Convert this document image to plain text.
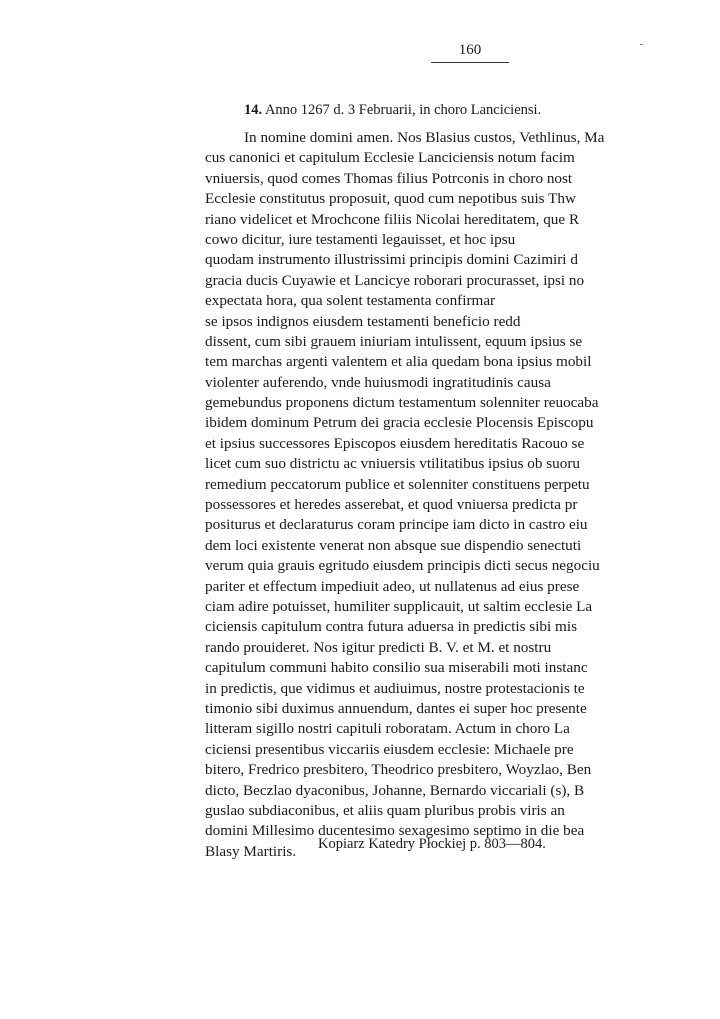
160
14. Anno 1267 d. 3 Februarii, in choro Lanciciensi.
In nomine domini amen. Nos Blasius custos, Vethlinus, Ma
cus canonici et capitulum Ecclesie Lanciciensis notum facim
vniuersis, quod comes Thomas filius Potrconis in choro nost
Ecclesie constitutus proposuit, quod cum nepotibus suis Thw
riano videlicet et Mrochcone filiis Nicolai hereditatem, que R
cowo dicitur, iure testamenti legauisset, et hoc ipsu
quodam instrumento illustrissimi principis domini Cazimiri d
gracia ducis Cuyawie et Lancicye roborari procurasset, ipsi no
expectata hora, qua solent testamenta confirmar
se ipsos indignos eiusdem testamenti beneficio redd
dissent, cum sibi grauem iniuriam intulissent, equum ipsius se
tem marchas argenti valentem et alia quedam bona ipsius mobil
violenter auferendo, vnde huiusmodi ingratitudinis causa
gemebundus proponens dictum testamentum solenniter reuocaba
ibidem dominum Petrum dei gracia ecclesie Plocensis Episcopu
et ipsius successores Episcopos eiusdem hereditatis Racouo se
licet cum suo districtu ac vniuersis vtilitatibus ipsius ob suoru
remedium peccatorum publice et solenniter constituens perpetu
possessores et heredes asserebat, et quod vniuersa predicta pr
positurus et declaraturus coram principe iam dicto in castro eiu
dem loci existente venerat non absque sue dispendio senectuti
verum quia grauis egritudo eiusdem principis dicti secus negociu
pariter et effectum impediuit adeo, ut nullatenus ad eius prese
ciam adire potuisset, humiliter supplicauit, ut saltim ecclesie La
ciciensis capitulum contra futura aduersa in predictis sibi mis
rando prouideret. Nos igitur predicti B. V. et M. et nostru
capitulum communi habito consilio sua miserabili moti instanc
in predictis, que vidimus et audiuimus, nostre protestacionis te
timonio sibi duximus annuendum, dantes ei super hoc presente
litteram sigillo nostri capituli roboratam. Actum in choro La
ciciensi presentibus viccariis eiusdem ecclesie: Michaele pre
bitero, Fredrico presbitero, Theodrico presbitero, Woyzlao, Ben
dicto, Beczlao dyaconibus, Johanne, Bernardo viccariali (s), B
guslao subdiaconibus, et aliis quam pluribus probis viris an
domini Millesimo ducentesimo sexagesimo septimo in die bea
Blasy Martiris.	Kopiarz Katedry Płockiej p. 803—804.
